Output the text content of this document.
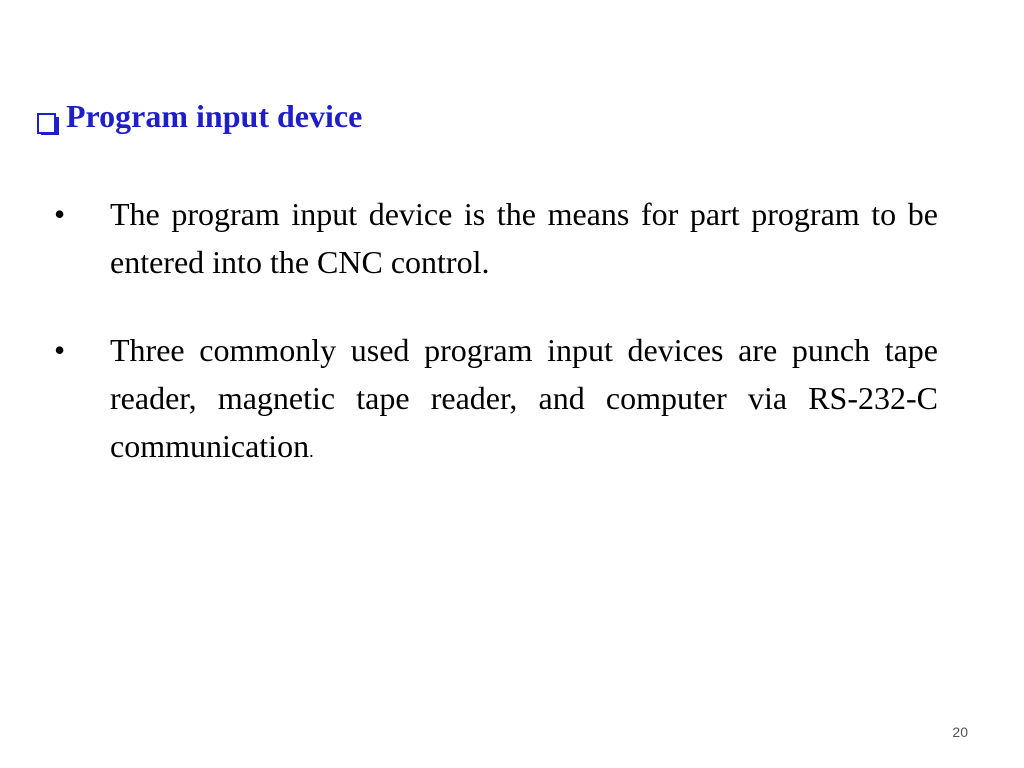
Program input device
•	The program input device is the means for part program to be entered into the CNC control.
•	Three commonly used program input devices are punch tape reader, magnetic tape reader, and computer via RS-232-C communication.
20
